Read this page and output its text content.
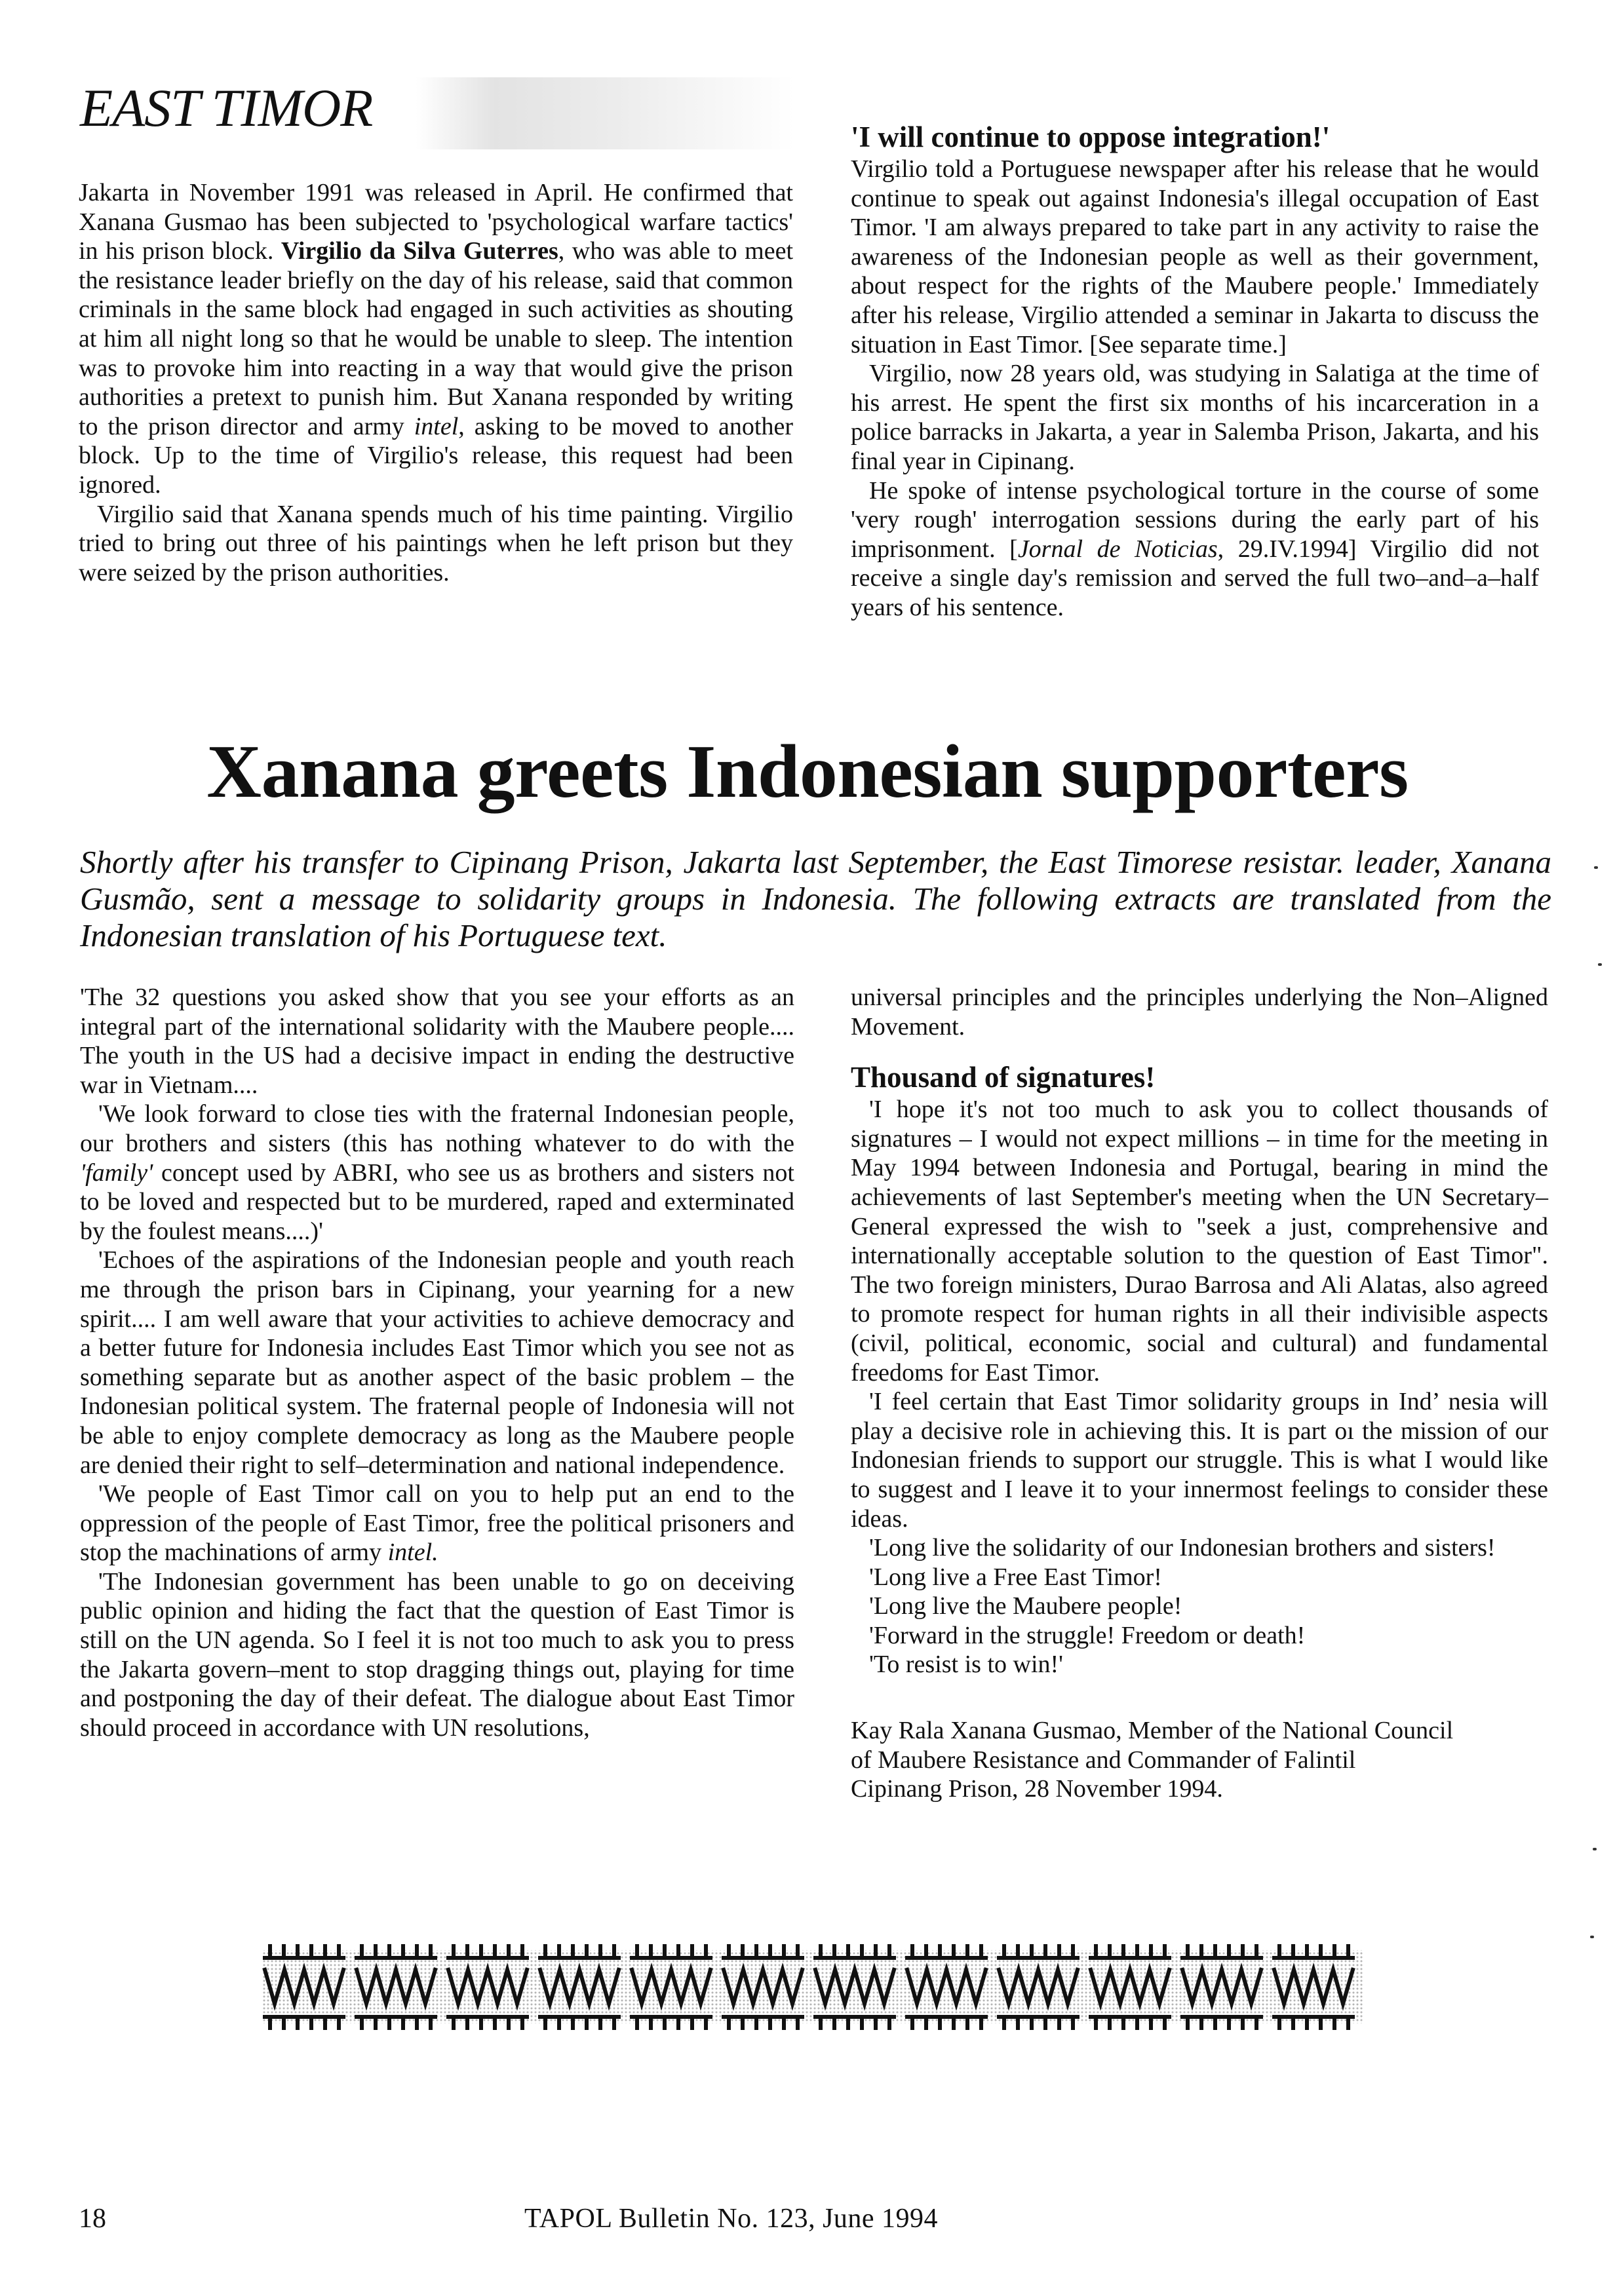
EAST TIMOR

Jakarta in November 1991 was released in April. He confirmed that Xanana Gusmao has been subjected to 'psychological warfare tactics' in his prison block. Virgilio da Silva Guterres, who was able to meet the resistance leader briefly on the day of his release, said that common criminals in the same block had engaged in such activities as shouting at him all night long so that he would be unable to sleep. The intention was to provoke him into reacting in a way that would give the prison authorities a pretext to punish him. But Xanana responded by writing to the prison director and army intel, asking to be moved to another block. Up to the time of Virgilio's release, this request had been ignored.

Virgilio said that Xanana spends much of his time painting. Virgilio tried to bring out three of his paintings when he left prison but they were seized by the prison authorities.

'I will continue to oppose integration!'

Virgilio told a Portuguese newspaper after his release that he would continue to speak out against Indonesia's illegal occupation of East Timor. 'I am always prepared to take part in any activity to raise the awareness of the Indonesian people as well as their government, about respect for the rights of the Maubere people.' Immediately after his release, Virgilio attended a seminar in Jakarta to discuss the situation in East Timor. [See separate time.]

Virgilio, now 28 years old, was studying in Salatiga at the time of his arrest. He spent the first six months of his incarceration in a police barracks in Jakarta, a year in Salemba Prison, Jakarta, and his final year in Cipinang.

He spoke of intense psychological torture in the course of some 'very rough' interrogation sessions during the early part of his imprisonment. [Jornal de Noticias, 29.IV.1994] Virgilio did not receive a single day's remission and served the full two–and–a–half years of his sentence.

Xanana greets Indonesian supporters
Shortly after his transfer to Cipinang Prison, Jakarta last September, the East Timorese resistar. leader, Xanana Gusmão, sent a message to solidarity groups in Indonesia. The following extracts are translated from the Indonesian translation of his Portuguese text.

'The 32 questions you asked show that you see your efforts as an integral part of the international solidarity with the Maubere people.... The youth in the US had a decisive impact in ending the destructive war in Vietnam....

'We look forward to close ties with the fraternal Indonesian people, our brothers and sisters (this has nothing whatever to do with the 'family' concept used by ABRI, who see us as brothers and sisters not to be loved and respected but to be murdered, raped and exterminated by the foulest means....)'

'Echoes of the aspirations of the Indonesian people and youth reach me through the prison bars in Cipinang, your yearning for a new spirit.... I am well aware that your activities to achieve democracy and a better future for Indonesia includes East Timor which you see not as something separate but as another aspect of the basic problem – the Indonesian political system. The fraternal people of Indonesia will not be able to enjoy complete democracy as long as the Maubere people are denied their right to self–determination and national independence.

'We people of East Timor call on you to help put an end to the oppression of the people of East Timor, free the political prisoners and stop the machinations of army intel.

'The Indonesian government has been unable to go on deceiving public opinion and hiding the fact that the question of East Timor is still on the UN agenda. So I feel it is not too much to ask you to press the Jakarta govern–ment to stop dragging things out, playing for time and postponing the day of their defeat. The dialogue about East Timor should proceed in accordance with UN resolutions,

universal principles and the principles underlying the Non–Aligned Movement.

Thousand of signatures!

'I hope it's not too much to ask you to collect thousands of signatures – I would not expect millions – in time for the meeting in May 1994 between Indonesia and Portugal, bearing in mind the achievements of last September's meeting when the UN Secretary–General expressed the wish to "seek a just, comprehensive and internationally acceptable solution to the question of East Timor". The two foreign ministers, Durao Barrosa and Ali Alatas, also agreed to promote respect for human rights in all their indivisible aspects (civil, political, economic, social and cultural) and fundamental freedoms for East Timor.

'I feel certain that East Timor solidarity groups in Ind’ nesia will play a decisive role in achieving this. It is part oı the mission of our Indonesian friends to support our struggle. This is what I would like to suggest and I leave it to your innermost feelings to consider these ideas.

'Long live the solidarity of our Indonesian brothers and sisters!

'Long live a Free East Timor!

'Long live the Maubere people!

'Forward in the struggle! Freedom or death!

'To resist is to win!'

Kay Rala Xanana Gusmao, Member of the National Council
of Maubere Resistance and Commander of Falintil
Cipinang Prison, 28 November 1994.

18	TAPOL Bulletin No. 123, June 1994
